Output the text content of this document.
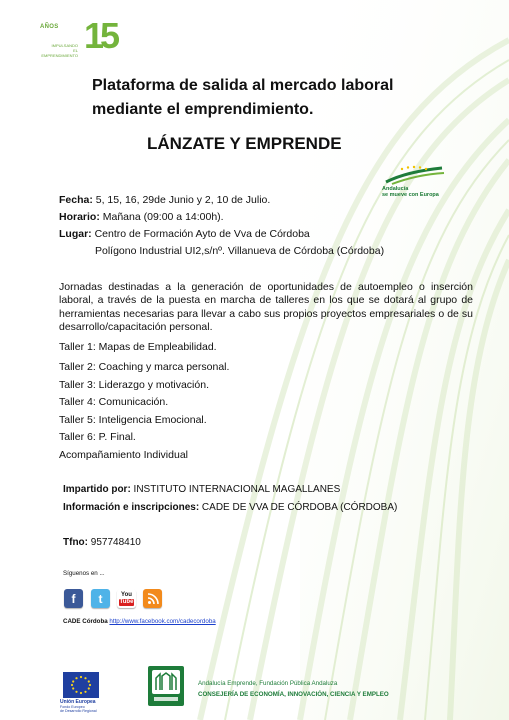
AÑOS 15
IMPULSANDO
EL EMPRENDIMIENTO
Plataforma de salida al mercado laboral
mediante el emprendimiento.
LÁNZATE Y EMPRENDE
Andalucía
se mueve con Europa
Fecha: 5, 15, 16, 29de Junio y 2, 10 de Julio.
Horario: Mañana (09:00 a 14:00h).
Lugar: Centro de Formación Ayto de Vva de Córdoba
Polígono Industrial UI2,s/nº. Villanueva de Córdoba (Córdoba)
Jornadas destinadas a la generación de oportunidades de autoempleo o inserción laboral, a través de la puesta en marcha de talleres en los que se dotará al grupo de herramientas necesarias para llevar a cabo sus propios proyectos empresariales o de su desarrollo/capacitación personal.
Taller 1: Mapas de Empleabilidad.
Taller 2: Coaching y marca personal.
Taller 3: Liderazgo y motivación.
Taller 4: Comunicación.
Taller 5: Inteligencia Emocional.
Taller 6: P. Final.
Acompañamiento Individual
Impartido por: INSTITUTO INTERNACIONAL MAGALLANES
Información e inscripciones: CADE DE VVA DE CÓRDOBA (CÓRDOBA)
Tfno: 957748410
Síguenos en ...
f	t	You
Tube
CADE Córdoba http://www.facebook.com/cadecordoba
Unión Europea
Fondo Europeo
de Desarrollo Regional
Andalucía Emprende, Fundación Pública Andaluza
CONSEJERÍA DE ECONOMÍA, INNOVACIÓN, CIENCIA Y EMPLEO
